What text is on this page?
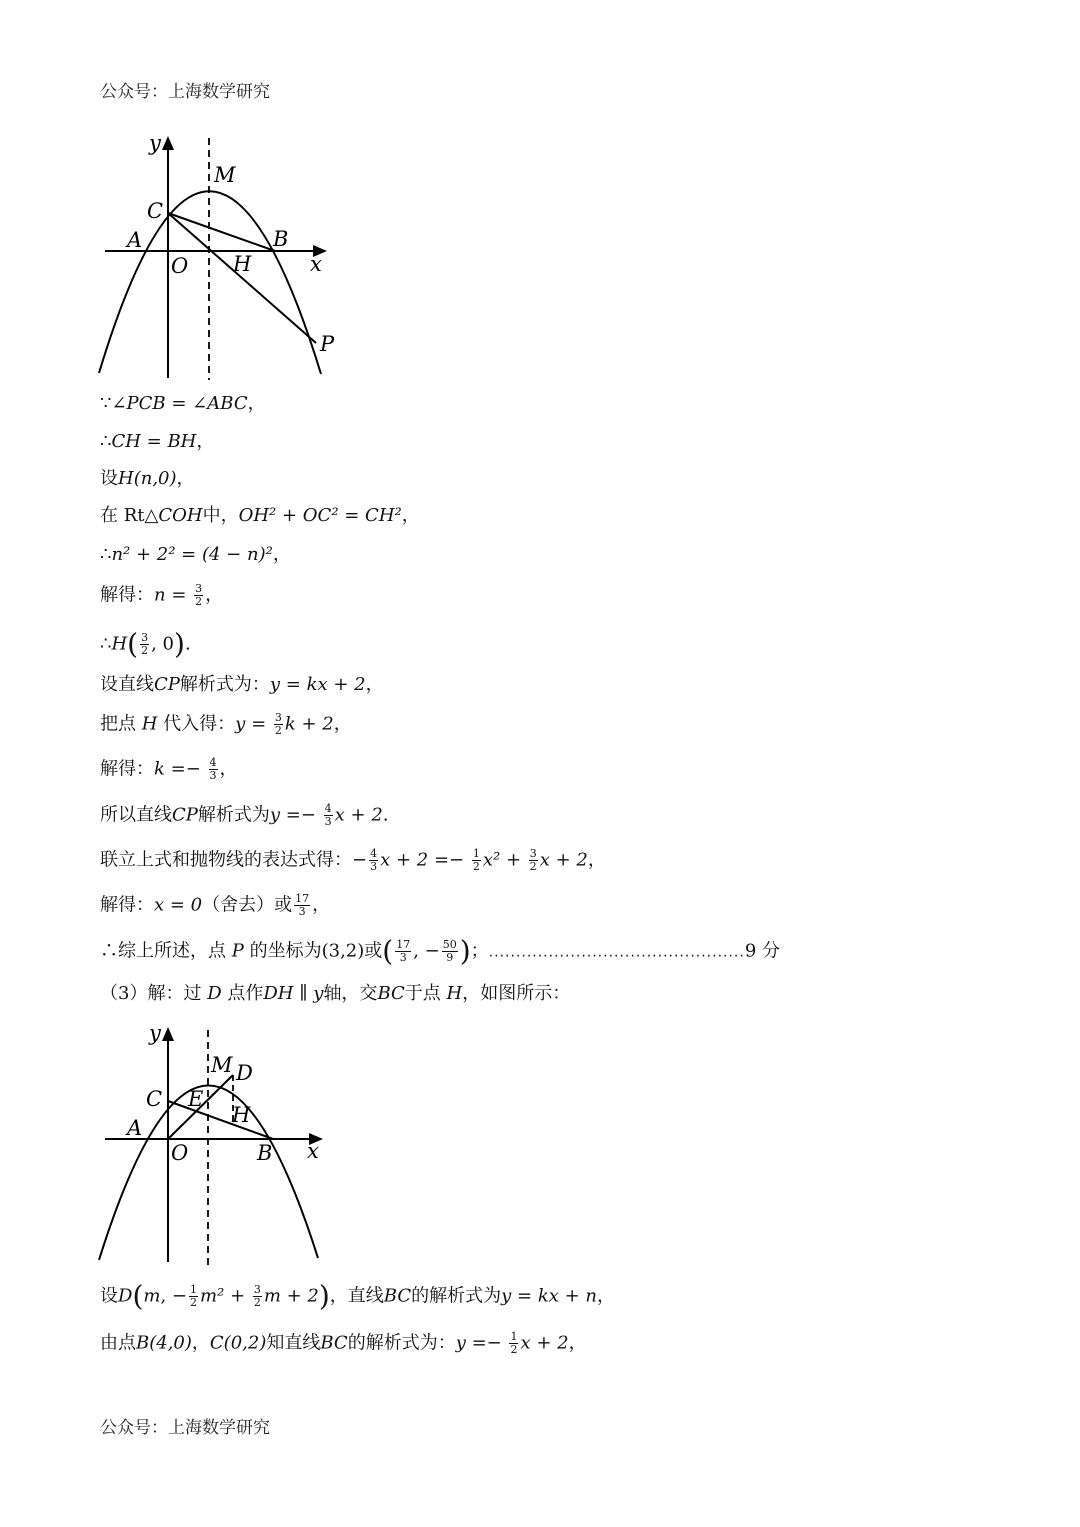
公众号：上海数学研究
y
M
C
A	B
O H	x
P
∵∠PCB = ∠ABC，
∴CH = BH，
设H(n,0)，
在 Rt△COH中，OH² + OC² = CH²，
∴n² + 2² = (4 − n)²，
解得：$n = \frac{3}{2}$ ，
∴H( $\frac{3}{2}$ , 0).
设直线CP解析式为：y = kx + 2，
把点 H 代入得：$y = \frac{3}{2}$ k + 2，
解得：$k =- \frac{4}{3}$ ，
所以直线CP解析式为$y =- \frac{4}{3}$ x + 2.
联立上式和抛物线的表达式得：− $\frac{4}{3}$ $x + 2 =- \frac{1}{2} x^2 + \frac{3}{2}$ x + 2，
解得：x = 0（舍去）或 $\frac{17}{3}$ ，
∴综上所述，点 P 的坐标为(3,2)或( $\frac{17}{3}$ , − $\frac{50}{9}$ )；...............................................9 分
（3）解：过 D 点作DH ∥ y轴，交BC于点 H，如图所示：
y
M D
C E
A
H
O	B x
设D(m, − $\frac{1}{2} m^2 + \frac{3}{2}$ m + 2)，直线BC的解析式为y = kx + n，
由点B(4,0)，C(0,2)知直线BC的解析式为：$y =- \frac{1}{2}$ x + 2，
公众号：上海数学研究
